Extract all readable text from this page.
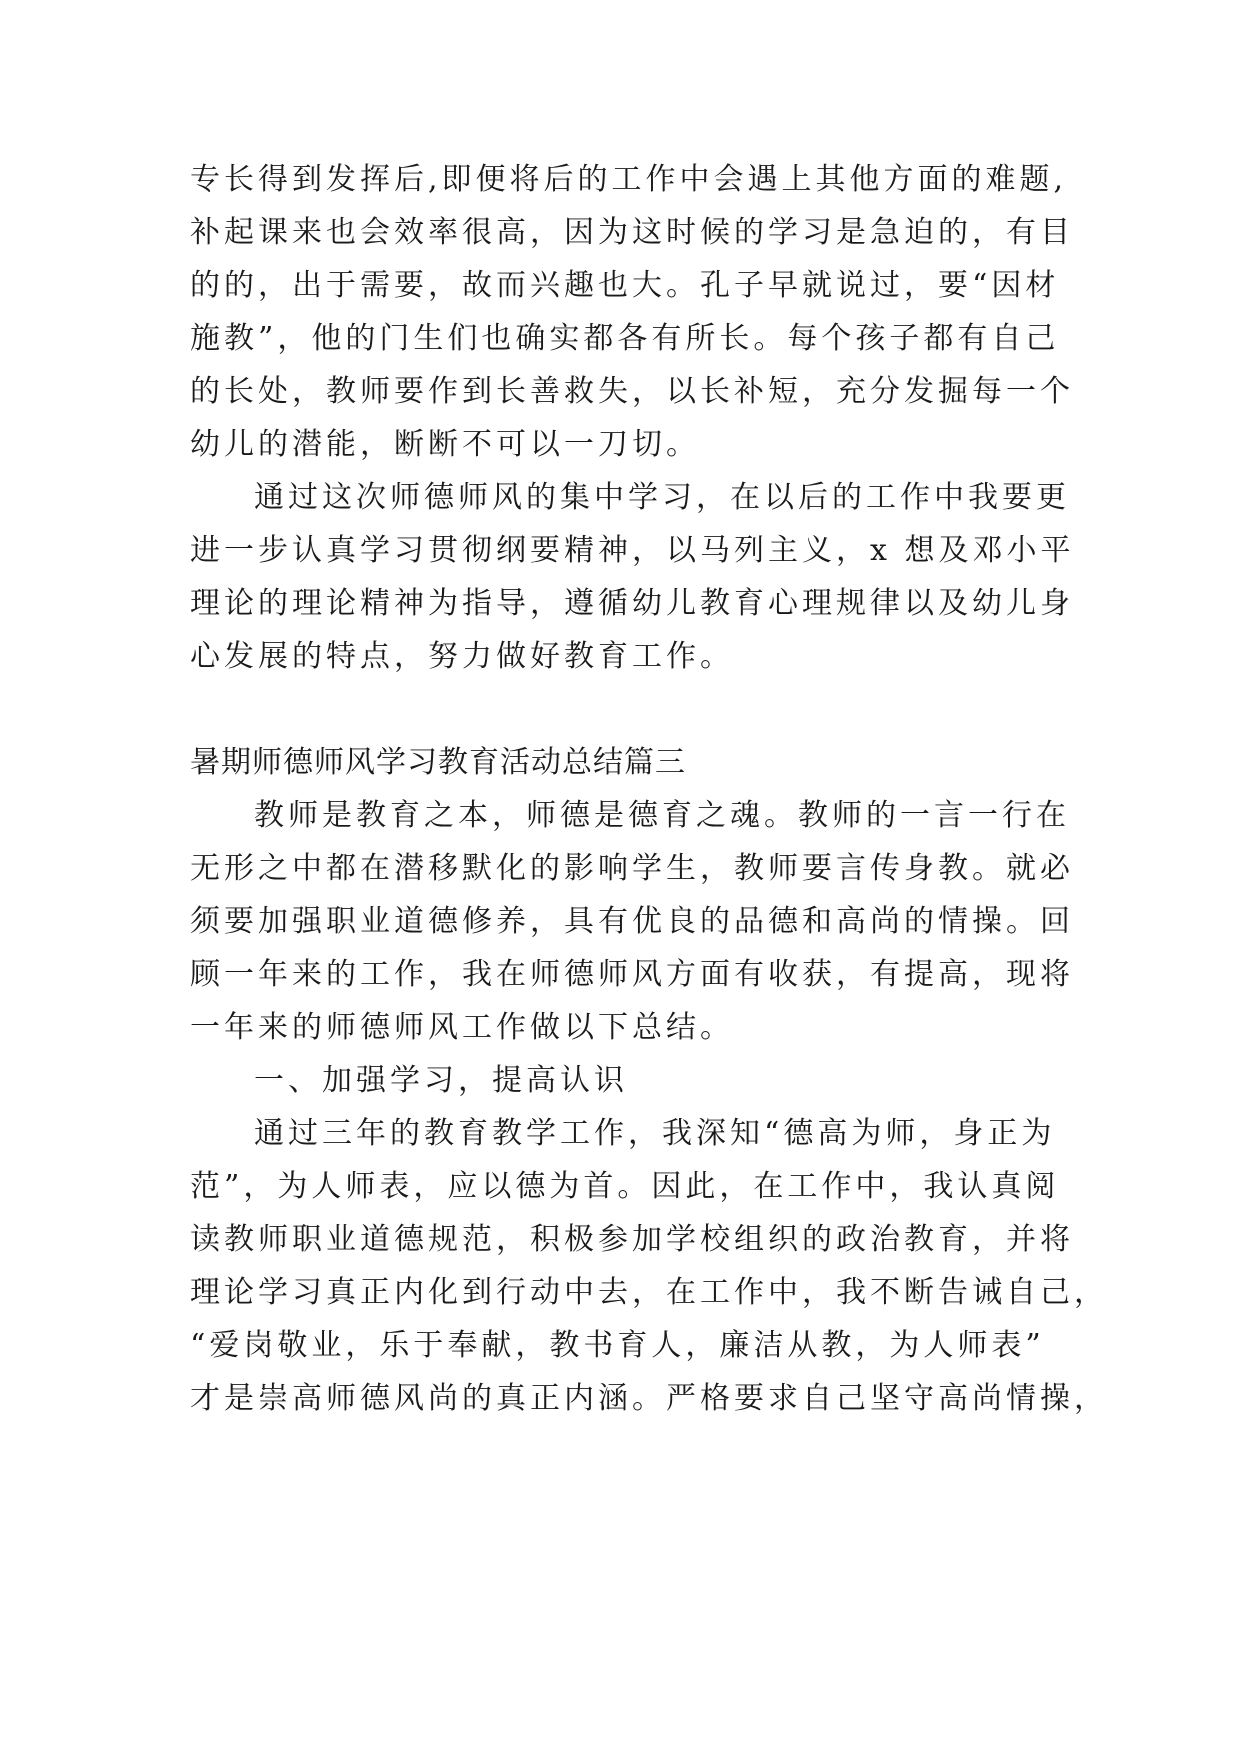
专长得到发挥后,即便将后的工作中会遇上其他方面的难题,
补起课来也会效率很高，因为这时候的学习是急迫的，有目
的的，出于需要，故而兴趣也大。孔子早就说过，要“因材
施教”，他的门生们也确实都各有所长。每个孩子都有自己
的长处，教师要作到长善救失，以长补短，充分发掘每一个
幼儿的潜能，断断不可以一刀切。
通过这次师德师风的集中学习，在以后的工作中我要更
进一步认真学习贯彻纲要精神，以马列主义，x 想及邓小平
理论的理论精神为指导，遵循幼儿教育心理规律以及幼儿身
心发展的特点，努力做好教育工作。
暑期师德师风学习教育活动总结篇三
教师是教育之本，师德是德育之魂。教师的一言一行在
无形之中都在潜移默化的影响学生，教师要言传身教。就必
须要加强职业道德修养，具有优良的品德和高尚的情操。回
顾一年来的工作，我在师德师风方面有收获，有提高，现将
一年来的师德师风工作做以下总结。
一、加强学习，提高认识
通过三年的教育教学工作，我深知“德高为师，身正为
范”，为人师表，应以德为首。因此，在工作中，我认真阅
读教师职业道德规范，积极参加学校组织的政治教育，并将
理论学习真正内化到行动中去，在工作中，我不断告诫自己，
“爱岗敬业，乐于奉献，教书育人，廉洁从教，为人师表”
才是崇高师德风尚的真正内涵。严格要求自己坚守高尚情操，
